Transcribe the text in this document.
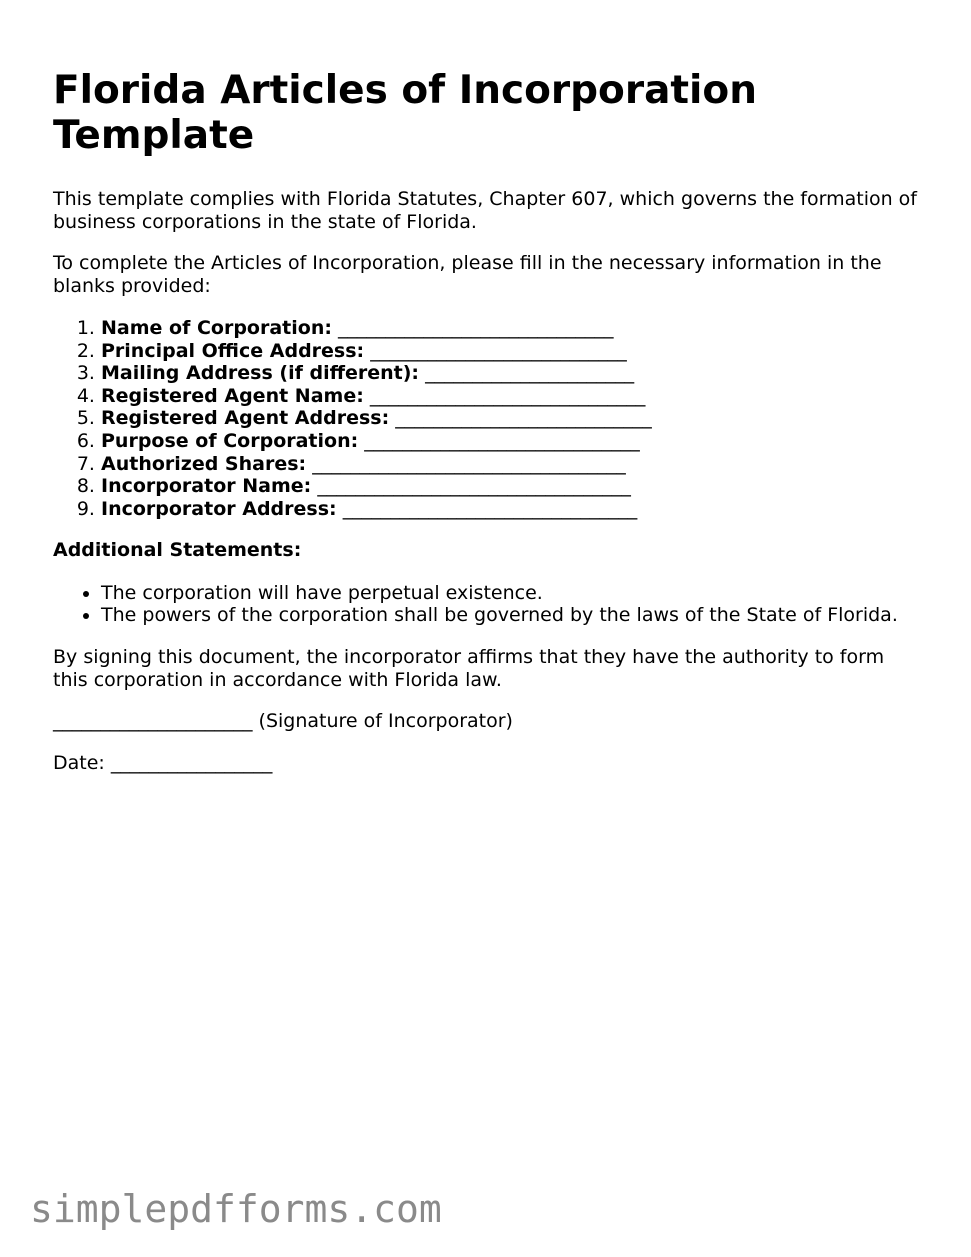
Florida Articles of Incorporation Template

This template complies with Florida Statutes, Chapter 607, which governs the formation of business corporations in the state of Florida.

To complete the Articles of Incorporation, please fill in the necessary information in the blanks provided:

1. Name of Corporation: _____________________________
2. Principal Office Address: ___________________________
3. Mailing Address (if different): ______________________
4. Registered Agent Name: _____________________________
5. Registered Agent Address: ___________________________
6. Purpose of Corporation: _____________________________
7. Authorized Shares: _________________________________
8. Incorporator Name: _________________________________
9. Incorporator Address: _______________________________

Additional Statements:

• The corporation will have perpetual existence.
• The powers of the corporation shall be governed by the laws of the State of Florida.

By signing this document, the incorporator affirms that they have the authority to form this corporation in accordance with Florida law.

_____________________ (Signature of Incorporator)

Date: _________________

simplepdfforms.com
